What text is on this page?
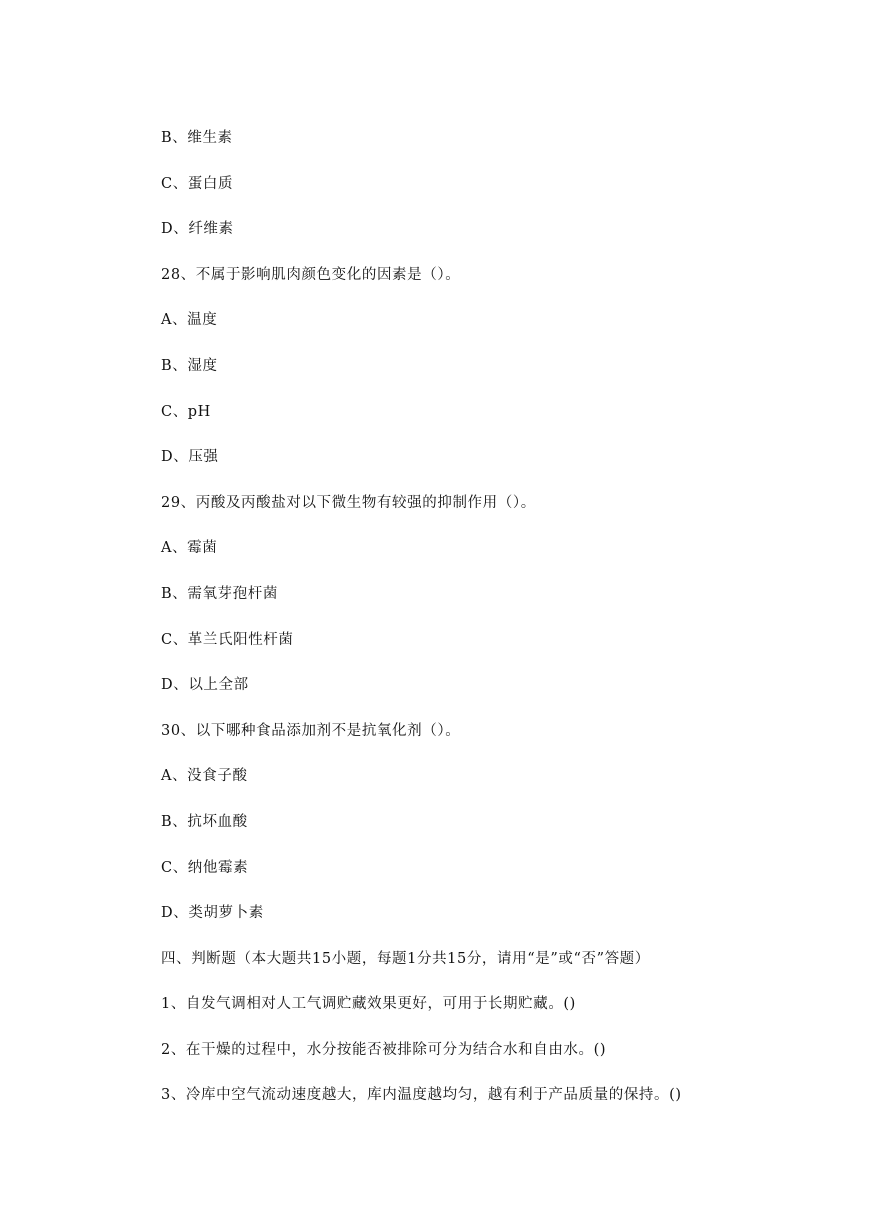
B、维生素
C、蛋白质
D、纤维素
28、不属于影响肌肉颜色变化的因素是（）。
A、温度
B、湿度
C、pH
D、压强
29、丙酸及丙酸盐对以下微生物有较强的抑制作用（）。
A、霉菌
B、需氧芽孢杆菌
C、革兰氏阳性杆菌
D、以上全部
30、以下哪种食品添加剂不是抗氧化剂（）。
A、没食子酸
B、抗坏血酸
C、纳他霉素
D、类胡萝卜素
四、判断题（本大题共15小题，每题1分共15分，请用“是”或“否”答题）
1、自发气调相对人工气调贮藏效果更好，可用于长期贮藏。()
2、在干燥的过程中，水分按能否被排除可分为结合水和自由水。()
3、冷库中空气流动速度越大，库内温度越均匀，越有利于产品质量的保持。()
